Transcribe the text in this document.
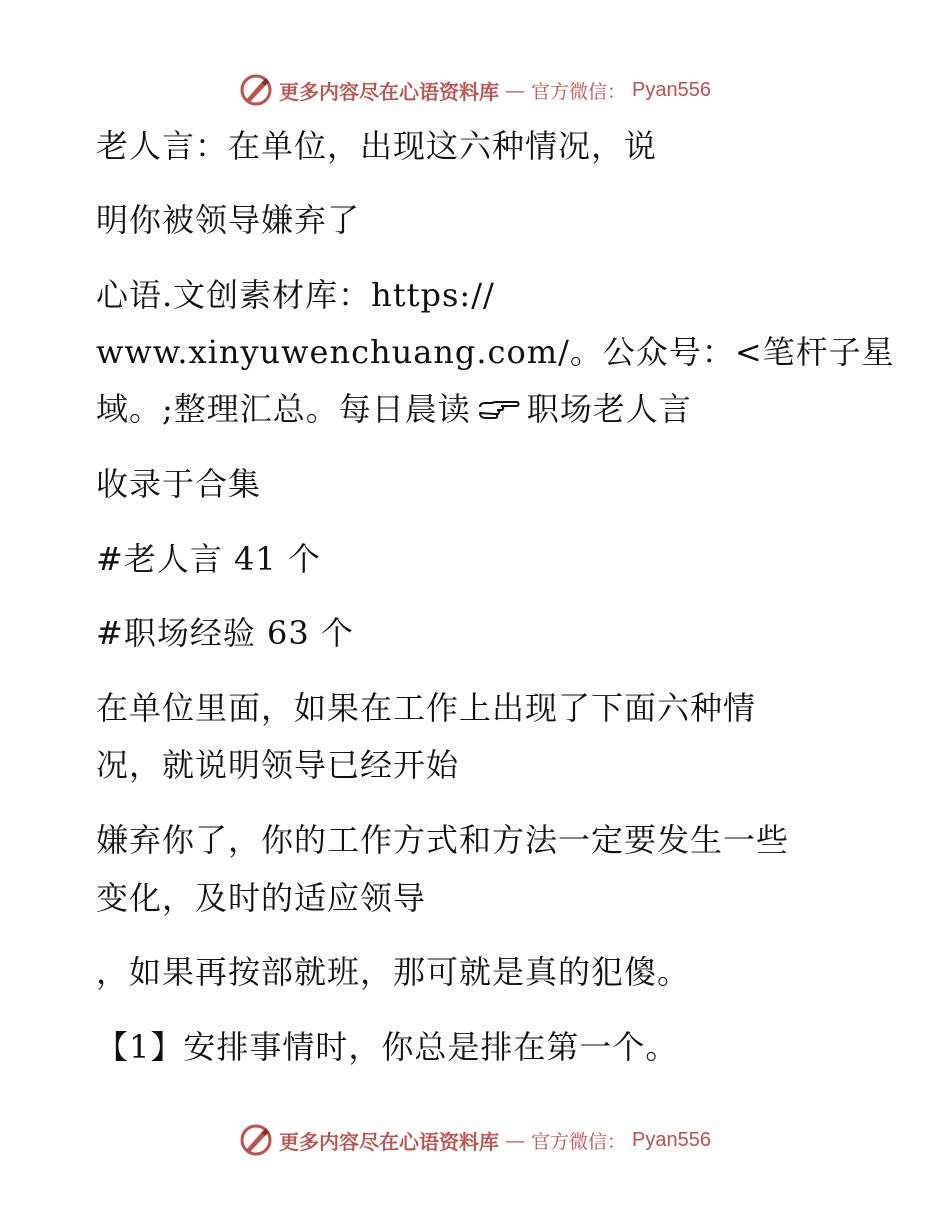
更多内容尽在心语资料库 — 官方微信： Pyan556
老人言：在单位，出现这六种情况，说
明你被领导嫌弃了
心语.文创素材库：https://
www.xinyuwenchuang.com/。公众号：<笔杆子星
域。;整理汇总。每日晨读 职场老人言
收录于合集
#老人言 41 个
#职场经验 63 个
在单位里面，如果在工作上出现了下面六种情
况，就说明领导已经开始
嫌弃你了，你的工作方式和方法一定要发生一些
变化，及时的适应领导
，如果再按部就班，那可就是真的犯傻。
【1】安排事情时，你总是排在第一个。
更多内容尽在心语资料库 — 官方微信： Pyan556
